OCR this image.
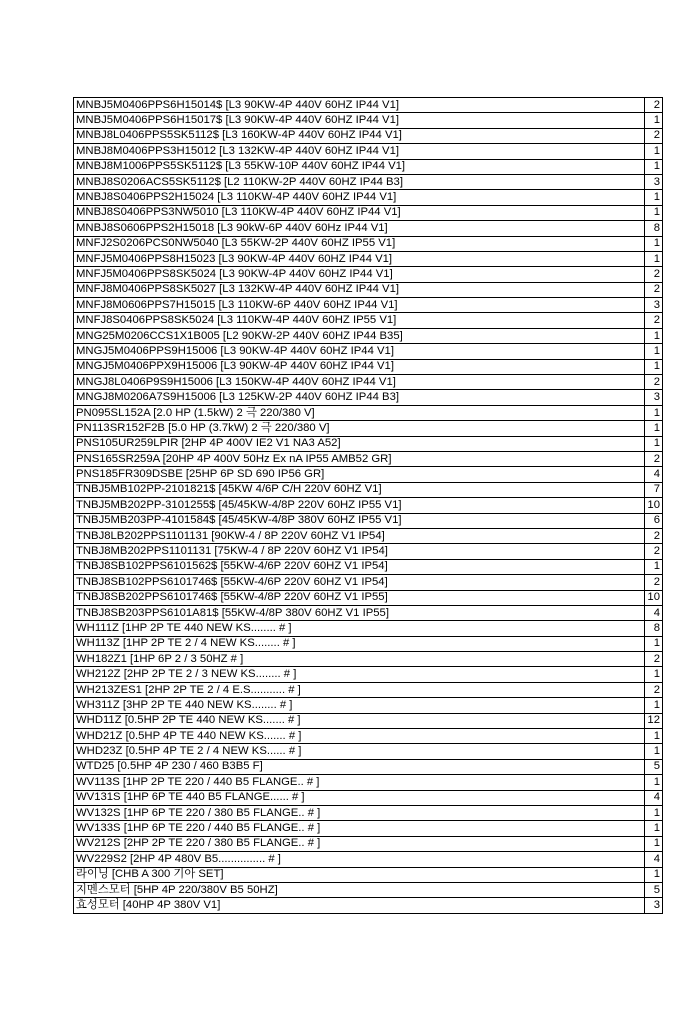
MNBJ5M0406PPS6H15014$ [L3 90KW-4P 440V 60HZ IP44 V1]	2
MNBJ5M0406PPS6H15017$ [L3 90KW-4P 440V 60HZ IP44 V1]	1
MNBJ8L0406PPS5SK5112$ [L3 160KW-4P 440V 60HZ IP44 V1]	2
MNBJ8M0406PPS3H15012 [L3 132KW-4P 440V 60HZ IP44 V1]	1
MNBJ8M1006PPS5SK5112$ [L3 55KW-10P 440V 60HZ IP44 V1]	1
MNBJ8S0206ACS5SK5112$ [L2 110KW-2P 440V 60HZ IP44 B3]	3
MNBJ8S0406PPS2H15024 [L3 110KW-4P 440V 60HZ IP44 V1]	1
MNBJ8S0406PPS3NW5010 [L3 110KW-4P 440V 60HZ IP44 V1]	1
MNBJ8S0606PPS2H15018 [L3 90kW-6P 440V 60Hz IP44 V1]	8
MNFJ2S0206PCS0NW5040 [L3 55KW-2P 440V 60HZ IP55 V1]	1
MNFJ5M0406PPS8H15023 [L3 90KW-4P 440V 60HZ IP44 V1]	1
MNFJ5M0406PPS8SK5024 [L3 90KW-4P 440V 60HZ IP44 V1]	2
MNFJ8M0406PPS8SK5027 [L3 132KW-4P 440V 60HZ IP44 V1]	2
MNFJ8M0606PPS7H15015 [L3 110KW-6P 440V 60HZ IP44 V1]	3
MNFJ8S0406PPS8SK5024 [L3 110KW-4P 440V 60HZ IP55 V1]	2
MNG25M0206CCS1X1B005 [L2 90KW-2P 440V 60HZ IP44 B35]	1
MNGJ5M0406PPS9H15006 [L3 90KW-4P 440V 60HZ IP44 V1]	1
MNGJ5M0406PPX9H15006 [L3 90KW-4P 440V 60HZ IP44 V1]	1
MNGJ8L0406P9S9H15006 [L3 150KW-4P 440V 60HZ IP44 V1]	2
MNGJ8M0206A7S9H15006 [L3 125KW-2P 440V 60HZ IP44 B3]	3
PN095SL152A [2.0 HP (1.5kW) 2 극 220/380 V]	1
PN113SR152F2B [5.0 HP (3.7kW) 2 극 220/380 V]	1
PNS105UR259LPIR [2HP 4P 400V IE2 V1 NA3 A52]	1
PNS165SR259A [20HP 4P 400V 50Hz Ex nA IP55 AMB52 GR]	2
PNS185FR309DSBE [25HP 6P SD 690 IP56 GR]	4
TNBJ5MB102PP-2101821$ [45KW 4/6P C/H 220V 60HZ V1]	7
TNBJ5MB202PP-3101255$ [45/45KW-4/8P 220V 60HZ IP55 V1]	10
TNBJ5MB203PP-4101584$ [45/45KW-4/8P 380V 60HZ IP55 V1]	6
TNBJ8LB202PPS1101131 [90KW-4 / 8P 220V 60HZ V1 IP54]	2
TNBJ8MB202PPS1101131 [75KW-4 / 8P 220V 60HZ V1 IP54]	2
TNBJ8SB102PPS6101562$ [55KW-4/6P 220V 60HZ V1 IP54]	1
TNBJ8SB102PPS6101746$ [55KW-4/6P 220V 60HZ V1 IP54]	2
TNBJ8SB202PPS6101746$ [55KW-4/8P 220V 60HZ V1 IP55]	10
TNBJ8SB203PPS6101A81$ [55KW-4/8P 380V 60HZ V1 IP55]	4
WH111Z [1HP 2P TE 440 NEW KS........ # ]	8
WH113Z [1HP 2P TE 2 / 4 NEW KS........ # ]	1
WH182Z1 [1HP 6P 2 / 3 50HZ # ]	2
WH212Z [2HP 2P TE 2 / 3 NEW KS........ # ]	1
WH213ZES1 [2HP 2P TE 2 / 4 E.S........... # ]	2
WH311Z [3HP 2P TE 440 NEW KS........ # ]	1
WHD11Z [0.5HP 2P TE 440 NEW KS....... # ]	12
WHD21Z [0.5HP 4P TE 440 NEW KS....... # ]	1
WHD23Z [0.5HP 4P TE 2 / 4 NEW KS...... # ]	1
WTD25 [0.5HP 4P 230 / 460 B3B5 F]	5
WV113S [1HP 2P TE 220 / 440 B5 FLANGE.. # ]	1
WV131S [1HP 6P TE 440 B5 FLANGE...... # ]	4
WV132S [1HP 6P TE 220 / 380 B5 FLANGE.. # ]	1
WV133S [1HP 6P TE 220 / 440 B5 FLANGE.. # ]	1
WV212S [2HP 2P TE 220 / 380 B5 FLANGE.. # ]	1
WV229S2 [2HP 4P 480V B5............... # ]	4
라이닝 [CHB A 300 기아 SET]	1
지멘스모터 [5HP 4P 220/380V B5 50HZ]	5
효성모터 [40HP 4P 380V V1]	3
